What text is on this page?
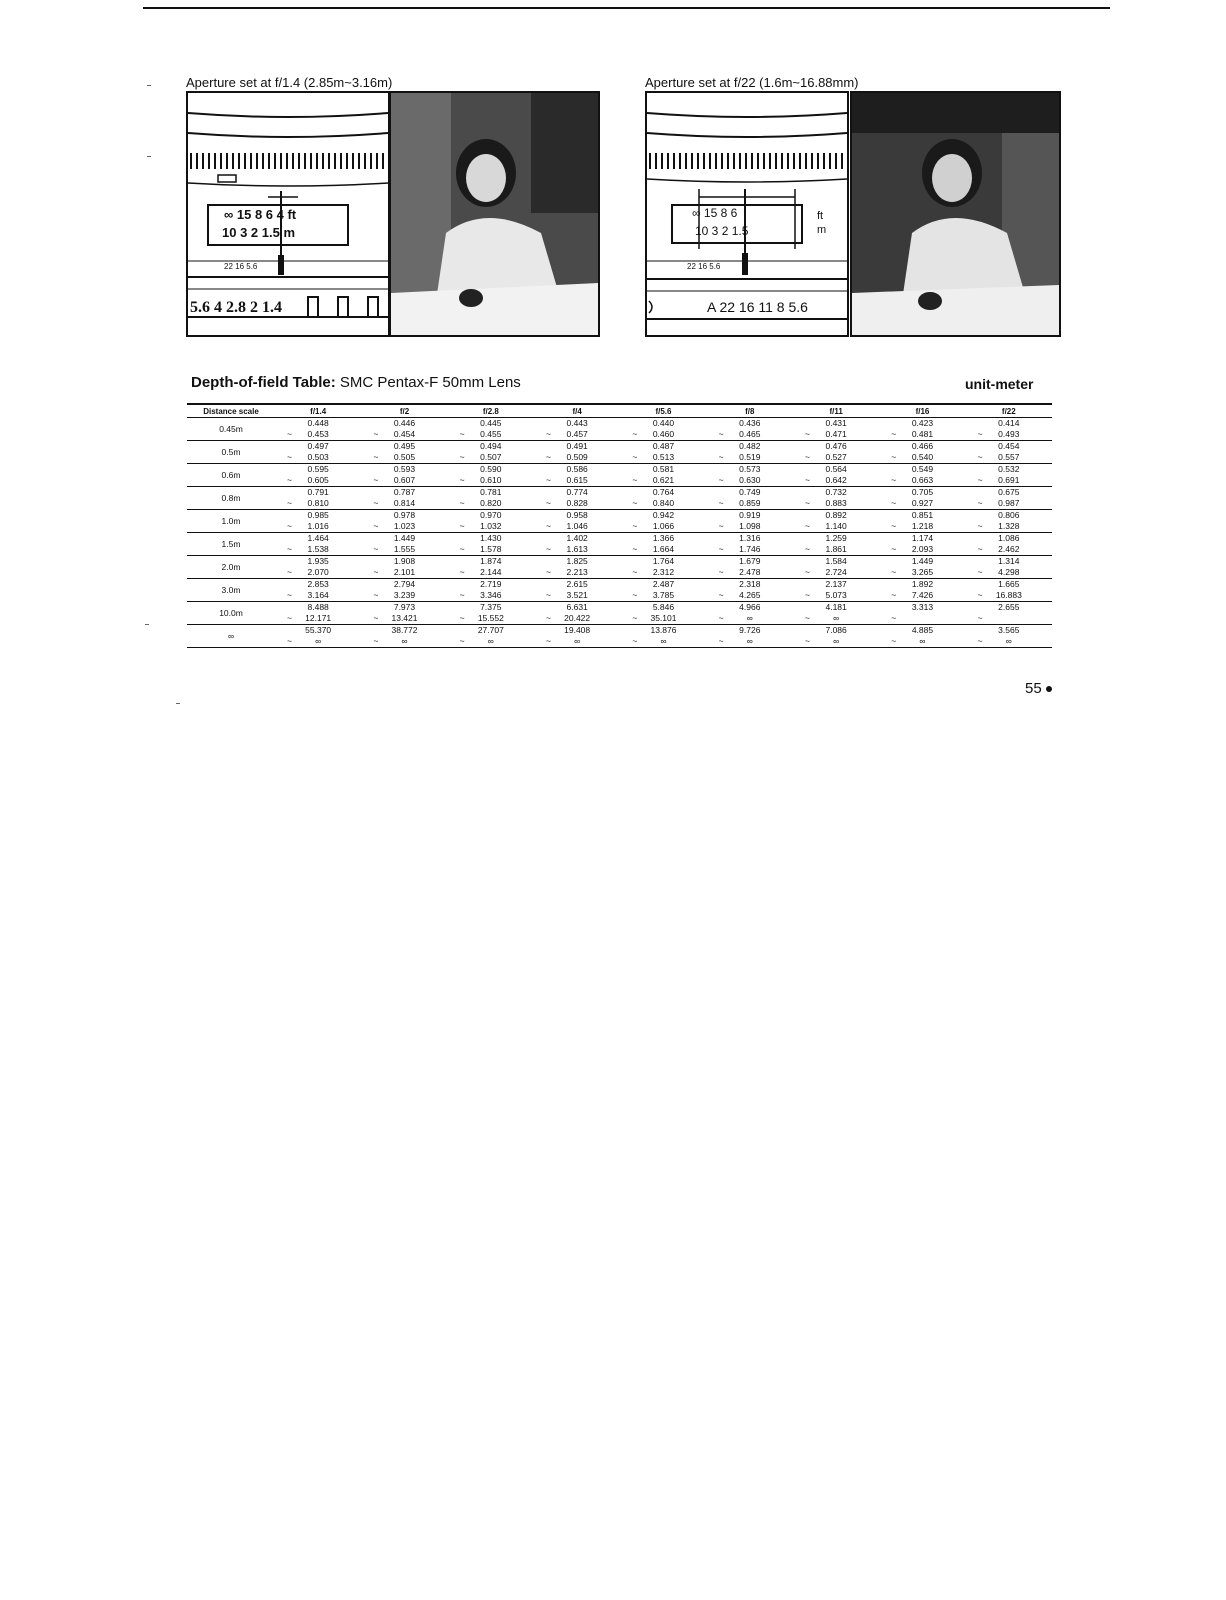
Aperture set at f/1.4 (2.85m~3.16m)
∞ 15 8 6 4 ft
10 3 2 1.5 m
22 16 5.6
5.6 4 2.8 2 1.4
Aperture set at f/22 (1.6m~16.88mm)
∞ 15 8 6
10 3 2 1.5
ft
m
22 16 5.6
A 22 16 11 8 5.6
Depth-of-field Table: SMC Pentax-F 50mm Lens	unit-meter
Distance scale	f/1.4	f/2	f/2.8	f/4	f/5.6	f/8	f/11	f/16	f/22
0.45m	0.448	0.446	0.445	0.443	0.440	0.436	0.431	0.423	0.414

	~ 0.453	~ 0.454	~ 0.455	~ 0.457	~ 0.460	~ 0.465	~ 0.471	~ 0.481	~ 0.493
0.5m	0.497	0.495	0.494	0.491	0.487	0.482	0.476	0.466	0.454

	~ 0.503	~ 0.505	~ 0.507	~ 0.509	~ 0.513	~ 0.519	~ 0.527	~ 0.540	~ 0.557
0.6m	0.595	0.593	0.590	0.586	0.581	0.573	0.564	0.549	0.532

	~ 0.605	~ 0.607	~ 0.610	~ 0.615	~ 0.621	~ 0.630	~ 0.642	~ 0.663	~ 0.691
0.8m	0.791	0.787	0.781	0.774	0.764	0.749	0.732	0.705	0.675

	~ 0.810	~ 0.814	~ 0.820	~ 0.828	~ 0.840	~ 0.859	~ 0.883	~ 0.927	~ 0.987
1.0m	0.985	0.978	0.970	0.958	0.942	0.919	0.892	0.851	0.806

	~ 1.016	~ 1.023	~ 1.032	~ 1.046	~ 1.066	~ 1.098	~ 1.140	~ 1.218	~ 1.328
1.5m	1.464	1.449	1.430	1.402	1.366	1.316	1.259	1.174	1.086

	~ 1.538	~ 1.555	~ 1.578	~ 1.613	~ 1.664	~ 1.746	~ 1.861	~ 2.093	~ 2.462
2.0m	1.935	1.908	1.874	1.825	1.764	1.679	1.584	1.449	1.314

	~ 2.070	~ 2.101	~ 2.144	~ 2.213	~ 2.312	~ 2.478	~ 2.724	~ 3.265	~ 4.298
3.0m	2.853	2.794	2.719	2.615	2.487	2.318	2.137	1.892	1.665

	~ 3.164	~ 3.239	~ 3.346	~ 3.521	~ 3.785	~ 4.265	~ 5.073	~ 7.426	~ 16.883
10.0m	8.488	7.973	7.375	6.631	5.846	4.966	4.181	3.313	2.655

	~ 12.171	~ 13.421	~ 15.552	~ 20.422	~ 35.101	~ ∞	~ ∞	~	~

∞	55.370	38.772	27.707	19.408	13.876	9.726	7.086	4.885	3.565

	~ ∞	~ ∞	~ ∞	~ ∞	~ ∞	~ ∞	~ ∞	~ ∞	~ ∞
55
